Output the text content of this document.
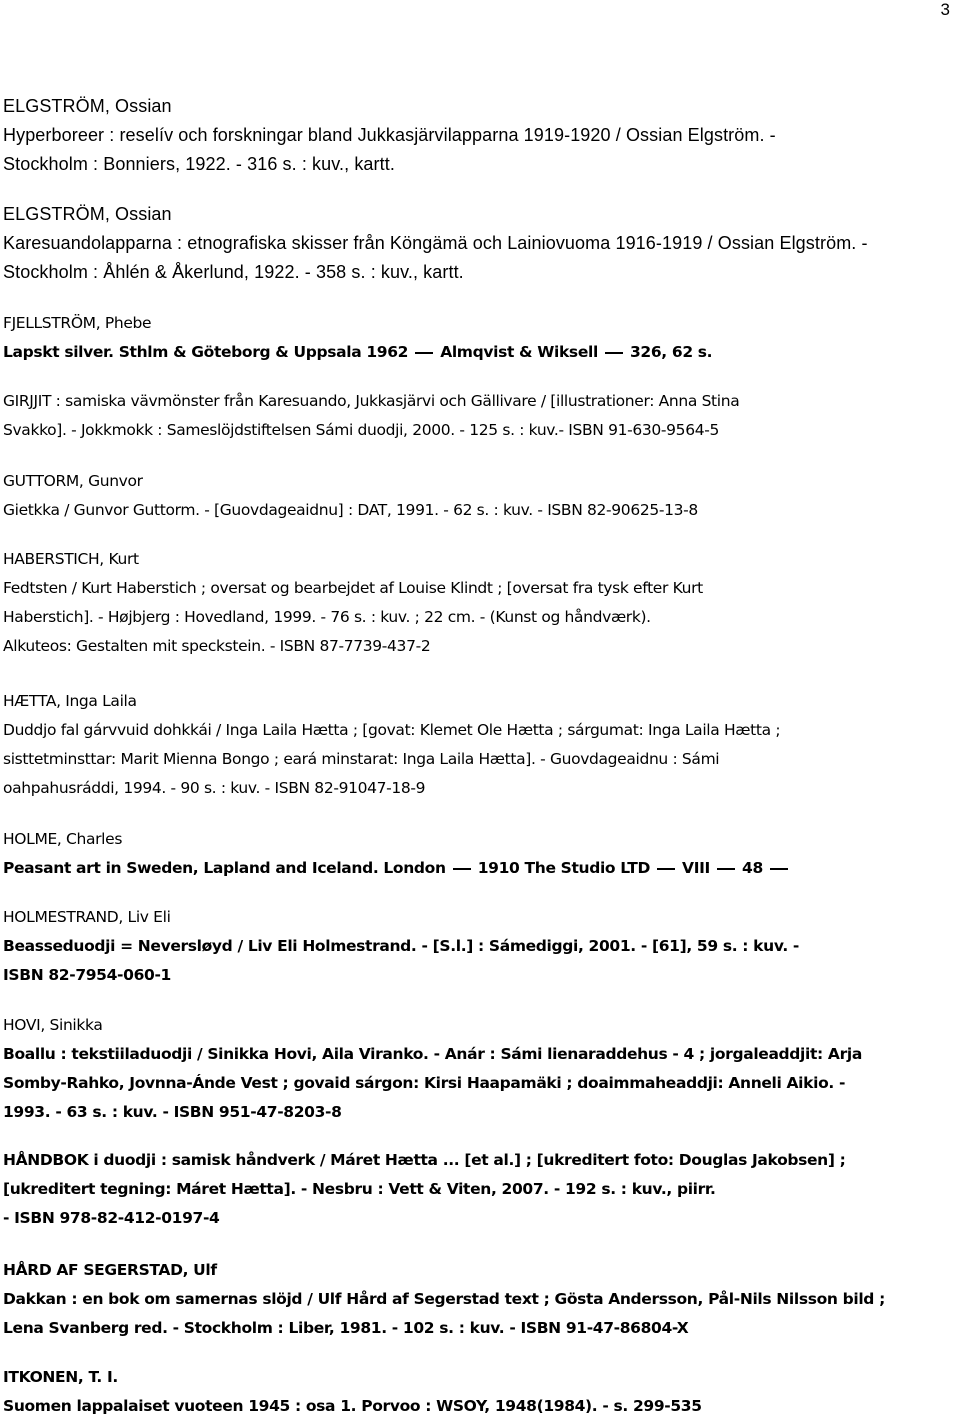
3
ELGSTRÖM, Ossian
Hyperboreer : reselív och forskningar bland Jukkasjärvilapparna 1919-1920 / Ossian Elgström. -
Stockholm : Bonniers, 1922. - 316 s. : kuv., kartt.
ELGSTRÖM, Ossian
Karesuandolapparna : etnografiska skisser från Köngämä och Lainiovuoma 1916-1919 / Ossian Elgström. -
Stockholm : Åhlén & Åkerlund, 1922. - 358 s. : kuv., kartt.
FJELLSTRÖM, Phebe
Lapskt silver. Sthlm & Göteborg & Uppsala 1962  Almqvist & Wiksell  326, 62 s.
GIRJJIT : samiska vävmönster från Karesuando, Jukkasjärvi och Gällivare / [illustrationer: Anna Stina
Svakko]. - Jokkmokk : Sameslöjdstiftelsen Sámi duodji, 2000. - 125 s. : kuv.- ISBN 91-630-9564-5
GUTTORM, Gunvor
Gietkka / Gunvor Guttorm. - [Guovdageaidnu] : DAT, 1991. - 62 s. : kuv. - ISBN 82-90625-13-8
HABERSTICH, Kurt
Fedtsten / Kurt Haberstich ; oversat og bearbejdet af Louise Klindt ; [oversat fra tysk efter Kurt
Haberstich]. - Højbjerg : Hovedland, 1999. - 76 s. : kuv. ; 22 cm. - (Kunst og håndværk).
Alkuteos: Gestalten mit speckstein. - ISBN 87-7739-437-2
HÆTTA, Inga Laila
Duddjo fal gárvvuid dohkkái / Inga Laila Hætta ; [govat: Klemet Ole Hætta ; sárgumat: Inga Laila Hætta ;
sisttetminsttar: Marit Mienna Bongo ; eará minstarat: Inga Laila Hætta]. - Guovdageaidnu : Sámi
oahpahusráddi, 1994. - 90 s. : kuv. - ISBN 82-91047-18-9
HOLME, Charles
Peasant art in Sweden, Lapland and Iceland. London  1910 The Studio LTD  VIII  48
HOLMESTRAND, Liv Eli
Beasseduodji = Neversløyd / Liv Eli Holmestrand. - [S.l.] : Sámediggi, 2001. - [61], 59 s. : kuv. -
ISBN 82-7954-060-1
HOVI, Sinikka
Boallu : tekstiiladuodji / Sinikka Hovi, Aila Viranko. - Anár : Sámi lienaraddehus - 4 ; jorgaleaddjit: Arja
Somby-Rahko, Jovnna-Ánde Vest ; govaid sárgon: Kirsi Haapamäki ; doaimmaheaddji: Anneli Aikio. -
1993. - 63 s. : kuv. - ISBN 951-47-8203-8
HÅNDBOK i duodji : samisk håndverk / Máret Hætta ... [et al.] ; [ukreditert foto: Douglas Jakobsen] ;
[ukreditert tegning: Máret Hætta]. - Nesbru : Vett & Viten, 2007. - 192 s. : kuv., piirr.
- ISBN 978-82-412-0197-4
HÅRD AF SEGERSTAD, Ulf
Dakkan : en bok om samernas slöjd / Ulf Hård af Segerstad text ; Gösta Andersson, Pål-Nils Nilsson bild ;
Lena Svanberg red. - Stockholm : Liber, 1981. - 102 s. : kuv. - ISBN 91-47-86804-X
ITKONEN, T. I.
Suomen lappalaiset vuoteen 1945 : osa 1. Porvoo : WSOY, 1948(1984). - s. 299-535
